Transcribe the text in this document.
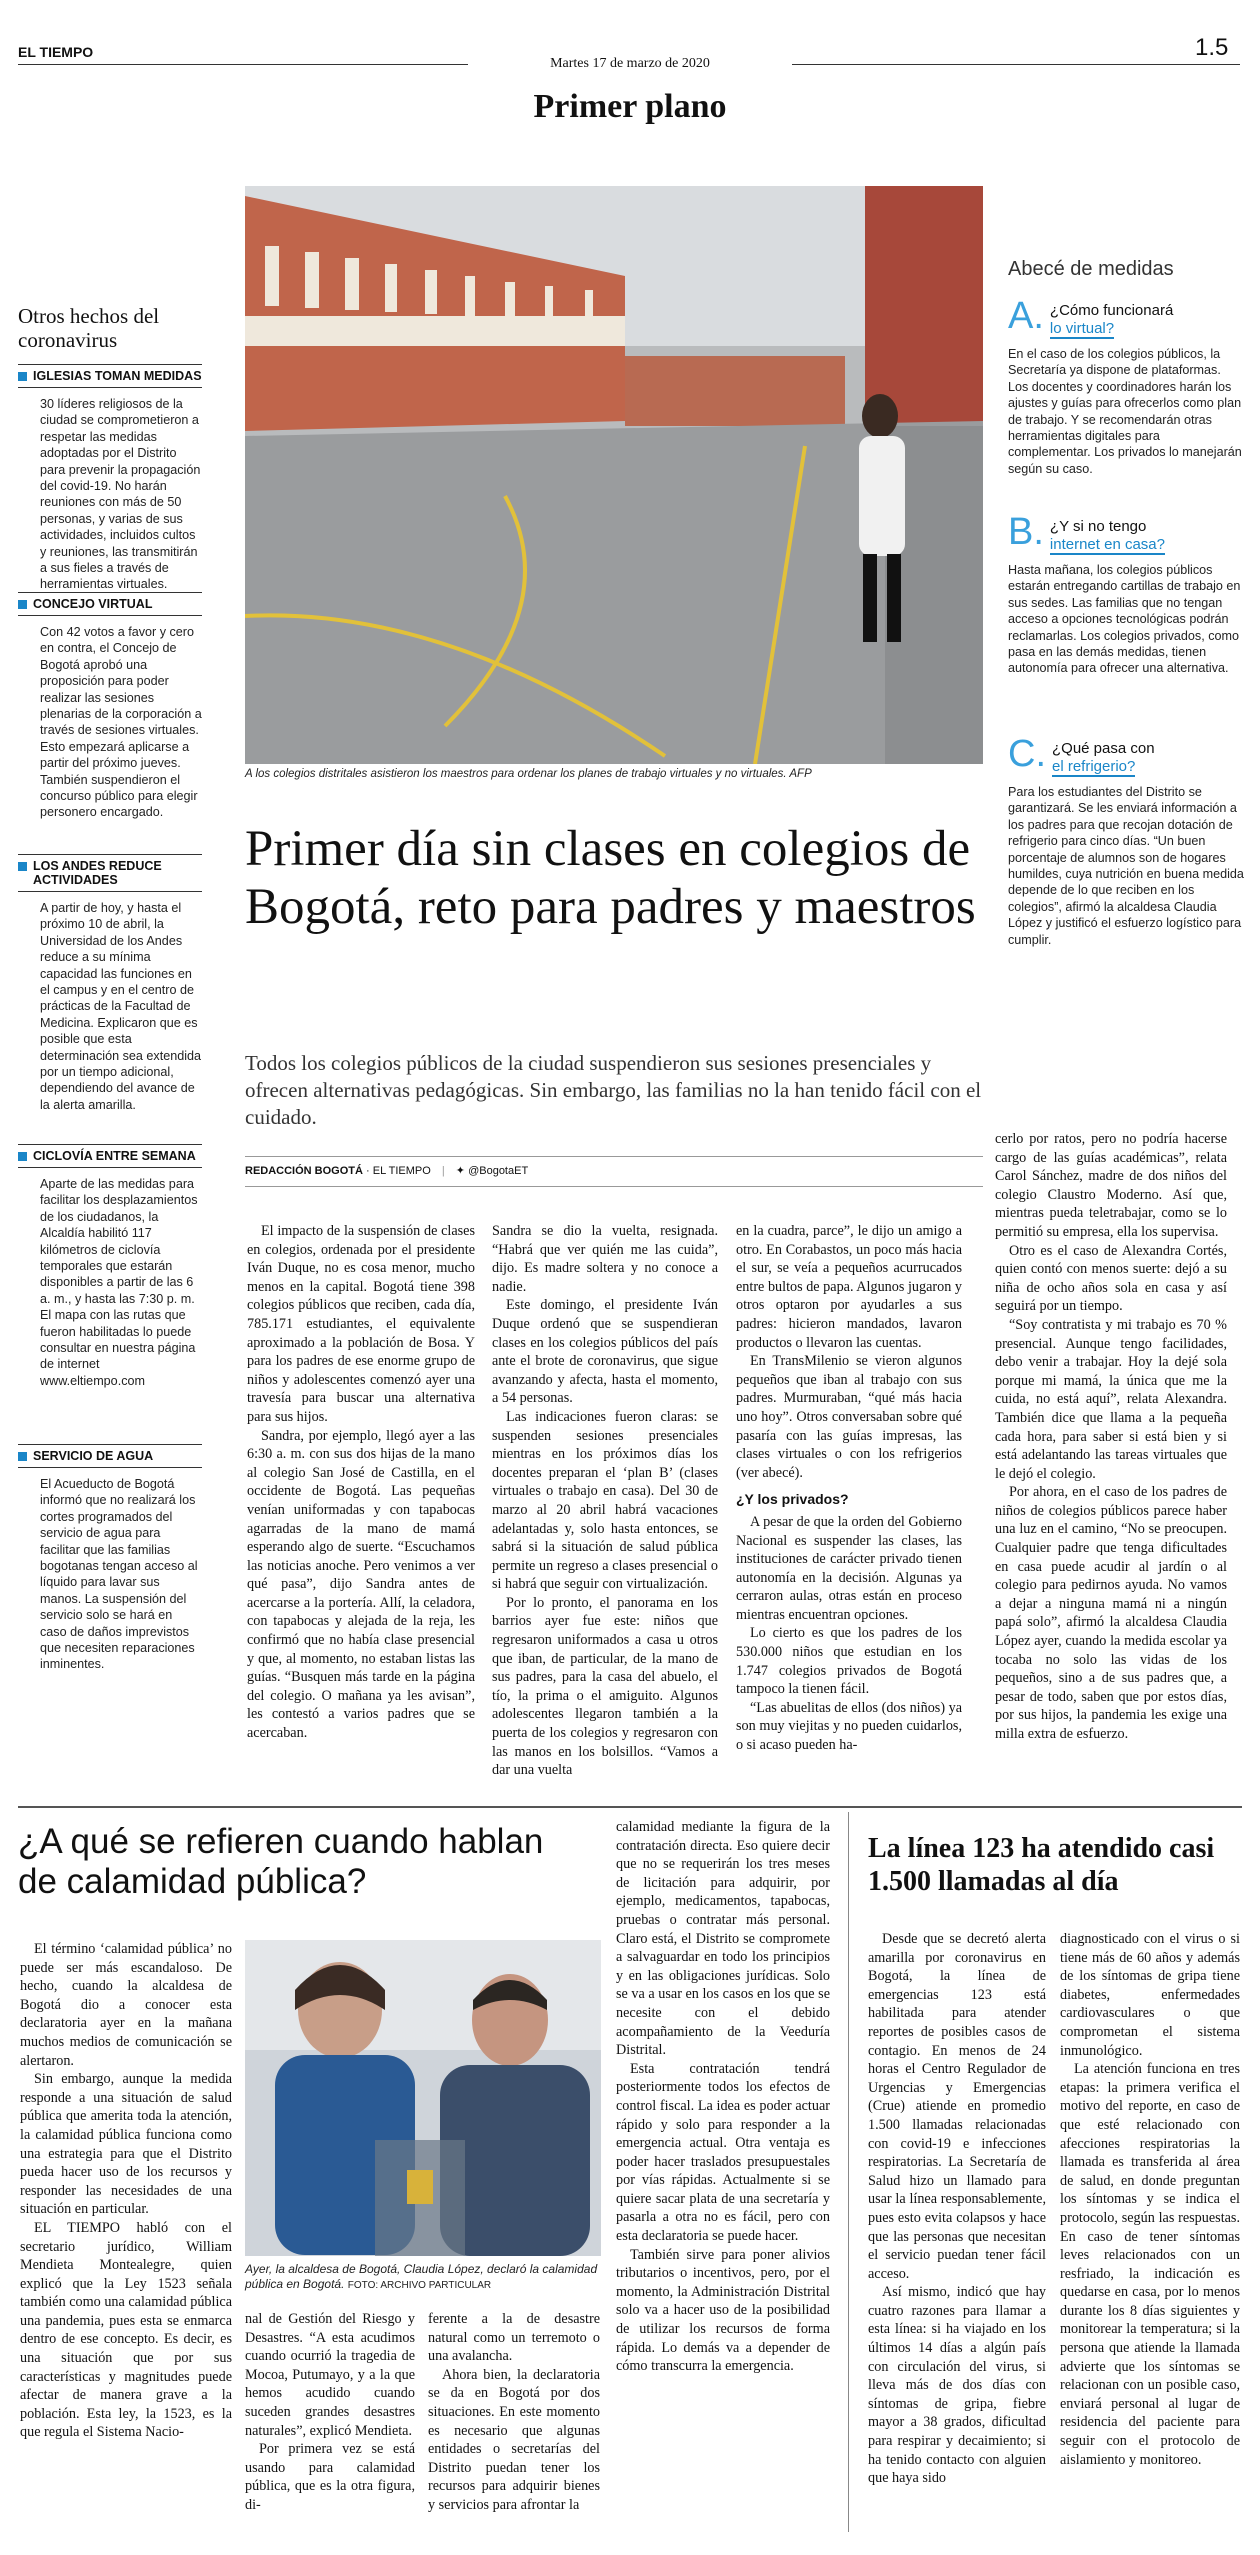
EL TIEMPO
Martes 17 de marzo de 2020
1.5
Primer plano
Otros hechos del coronavirus
IGLESIAS TOMAN MEDIDAS
30 líderes religiosos de la ciudad se comprometieron a respetar las medidas adoptadas por el Distrito para prevenir la propagación del covid-19. No harán reuniones con más de 50 personas, y varias de sus actividades, incluidos cultos y reuniones, las transmitirán a sus fieles a través de herramientas virtuales.
CONCEJO VIRTUAL
Con 42 votos a favor y cero en contra, el Concejo de Bogotá aprobó una proposición para poder realizar las sesiones plenarias de la corporación a través de sesiones virtuales. Esto empezará aplicarse a partir del próximo jueves. También suspendieron el concurso público para elegir personero encargado.
LOS ANDES REDUCE ACTIVIDADES
A partir de hoy, y hasta el próximo 10 de abril, la Universidad de los Andes reduce a su mínima capacidad las funciones en el campus y en el centro de prácticas de la Facultad de Medicina. Explicaron que es posible que esta determinación sea extendida por un tiempo adicional, dependiendo del avance de la alerta amarilla.
CICLOVÍA ENTRE SEMANA
Aparte de las medidas para facilitar los desplazamientos de los ciudadanos, la Alcaldía habilitó 117 kilómetros de ciclovía temporales que estarán disponibles a partir de las 6 a. m., y hasta las 7:30 p. m. El mapa con las rutas que fueron habilitadas lo puede consultar en nuestra página de internet www.eltiempo.com
SERVICIO DE AGUA
El Acueducto de Bogotá informó que no realizará los cortes programados del servicio de agua para facilitar que las familias bogotanas tengan acceso al líquido para lavar sus manos. La suspensión del servicio solo se hará en caso de daños imprevistos que necesiten reparaciones inminentes.
A los colegios distritales asistieron los maestros para ordenar los planes de trabajo virtuales y no virtuales. AFP
Abecé de medidas
A. ¿Cómo funcionará
lo virtual?
En el caso de los colegios públicos, la Secretaría ya dispone de plataformas. Los docentes y coordinadores harán los ajustes y guías para ofrecerlos como plan de trabajo. Y se recomendarán otras herramientas digitales para complementar. Los privados lo manejarán según su caso.
B. ¿Y si no tengo
internet en casa?
Hasta mañana, los colegios públicos estarán entregando cartillas de trabajo en sus sedes. Las familias que no tengan acceso a opciones tecnológicas podrán reclamarlas. Los colegios privados, como pasa en las demás medidas, tienen autonomía para ofrecer una alternativa.
C. ¿Qué pasa con
el refrigerio?
Para los estudiantes del Distrito se garantizará. Se les enviará información a los padres para que recojan dotación de refrigerio para cinco días. “Un buen porcentaje de alumnos son de hogares humildes, cuya nutrición en buena medida depende de lo que reciben en los colegios”, afirmó la alcaldesa Claudia López y justificó el esfuerzo logístico para cumplir.
Primer día sin clases en colegios de Bogotá, reto para padres y maestros
Todos los colegios públicos de la ciudad suspendieron sus sesiones presenciales y ofrecen alternativas pedagógicas. Sin embargo, las familias no la han tenido fácil con el cuidado.
REDACCIÓN BOGOTÁ · EL TIEMPO | ✦ @BogotaET

El impacto de la suspensión de clases en colegios, ordenada por el presidente Iván Duque, no es cosa menor, mucho menos en la capital. Bogotá tiene 398 colegios públicos que reciben, cada día, 785.171 estudiantes, el equivalente aproximado a la población de Bosa. Y para los padres de ese enorme grupo de niños y adolescentes comenzó ayer una travesía para buscar una alternativa para sus hijos.

Sandra, por ejemplo, llegó ayer a las 6:30 a. m. con sus dos hijas de la mano al colegio San José de Castilla, en el occidente de Bogotá. Las pequeñas venían uniformadas y con tapabocas agarradas de la mano de mamá esperando algo de suerte. “Escuchamos las noticias anoche. Pero venimos a ver qué pasa”, dijo Sandra antes de acercarse a la portería. Allí, la celadora, con tapabocas y alejada de la reja, les confirmó que no había clase presencial y que, al momento, no estaban listas las guías. “Busquen más tarde en la página del colegio. O mañana ya les avisan”, les contestó a varios padres que se acercaban.

Sandra se dio la vuelta, resignada. “Habrá que ver quién me las cuida”, dijo. Es madre soltera y no conoce a nadie.

Este domingo, el presidente Iván Duque ordenó que se suspendieran clases en los colegios públicos del país ante el brote de coronavirus, que sigue avanzando y afecta, hasta el momento, a 54 personas.

Las indicaciones fueron claras: se suspenden sesiones presenciales mientras en los próximos días los docentes preparan el ‘plan B’ (clases virtuales o trabajo en casa). Del 30 de marzo al 20 abril habrá vacaciones adelantadas y, solo hasta entonces, se sabrá si la situación de salud pública permite un regreso a clases presencial o si habrá que seguir con virtualización.

Por lo pronto, el panorama en los barrios ayer fue este: niños que regresaron uniformados a casa u otros que iban, de particular, de la mano de sus padres, para la casa del abuelo, el tío, la prima o el amiguito. Algunos adolescentes llegaron también a la puerta de los colegios y regresaron con las manos en los bolsillos. “Vamos a dar una vuelta

en la cuadra, parce”, le dijo un amigo a otro. En Corabastos, un poco más hacia el sur, se veía a pequeños acurrucados entre bultos de papa. Algunos jugaron y otros optaron por ayudarles a sus padres: hicieron mandados, lavaron productos o llevaron las cuentas.

En TransMilenio se vieron algunos pequeños que iban al trabajo con sus padres. Murmuraban, “qué más hacia uno hoy”. Otros conversaban sobre qué pasaría con las guías impresas, las clases virtuales o con los refrigerios (ver abecé).

¿Y los privados?

A pesar de que la orden del Gobierno Nacional es suspender las clases, las instituciones de carácter privado tienen autonomía en la decisión. Algunas ya cerraron aulas, otras están en proceso mientras encuentran opciones.

Lo cierto es que los padres de los 530.000 niños que estudian en los 1.747 colegios privados de Bogotá tampoco la tienen fácil.

“Las abuelitas de ellos (dos niños) ya son muy viejitas y no pueden cuidarlos, o si acaso pueden ha-

cerlo por ratos, pero no podría hacerse cargo de las guías académicas”, relata Carol Sánchez, madre de dos niños del colegio Claustro Moderno. Así que, mientras pueda teletrabajar, como se lo permitió su empresa, ella los supervisa.

Otro es el caso de Alexandra Cortés, quien contó con menos suerte: dejó a su niña de ocho años sola en casa y así seguirá por un tiempo.

“Soy contratista y mi trabajo es 70 % presencial. Aunque tengo facilidades, debo venir a trabajar. Hoy la dejé sola porque mi mamá, la única que me la cuida, no está aquí”, relata Alexandra. También dice que llama a la pequeña cada hora, para saber si está bien y si está adelantando las tareas virtuales que le dejó el colegio.

Por ahora, en el caso de los padres de niños de colegios públicos parece haber una luz en el camino, “No se preocupen. Cualquier padre que tenga dificultades en casa puede acudir al jardín o al colegio para pedirnos ayuda. No vamos a dejar a ninguna mamá ni a ningún papá solo”, afirmó la alcaldesa Claudia López ayer, cuando la medida escolar ya tocaba no solo las vidas de los pequeños, sino a de sus padres que, a pesar de todo, saben que por estos días, por sus hijos, la pandemia les exige una milla extra de esfuerzo.

¿A qué se refieren cuando hablan de calamidad pública?

El término ‘calamidad pública’ no puede ser más escandaloso. De hecho, cuando la alcaldesa de Bogotá dio a conocer esta declaratoria ayer en la mañana muchos medios de comunicación se alertaron.

Sin embargo, aunque la medida responde a una situación de salud pública que amerita toda la atención, la calamidad pública funciona como una estrategia para que el Distrito pueda hacer uso de los recursos y responder las necesidades de una situación en particular.

EL TIEMPO habló con el secretario jurídico, William Mendieta Montealegre, quien explicó que la Ley 1523 señala también como una calamidad pública una pandemia, pues esta se enmarca dentro de ese concepto. Es decir, es una situación que por sus características y magnitudes puede afectar de manera grave a la población. Esta ley, la 1523, es la que regula el Sistema Nacio-

Ayer, la alcaldesa de Bogotá, Claudia López, declaró la calamidad pública en Bogotá. FOTO: ARCHIVO PARTICULAR

nal de Gestión del Riesgo y Desastres. “A esta acudimos cuando ocurrió la tragedia de Mocoa, Putumayo, y a la que hemos acudido cuando suceden grandes desastres naturales”, explicó Mendieta.

Por primera vez se está usando para calamidad pública, que es la otra figura, di-

ferente a la de desastre natural como un terremoto o una avalancha.

Ahora bien, la declaratoria se da en Bogotá por dos situaciones. En este momento es necesario que algunas entidades o secretarías del Distrito puedan tener los recursos para adquirir bienes y servicios para afrontar la

calamidad mediante la figura de la contratación directa. Eso quiere decir que no se requerirán los tres meses de licitación para adquirir, por ejemplo, medicamentos, tapabocas, pruebas o contratar más personal. Claro está, el Distrito se compromete a salvaguardar en todo los principios y en las obligaciones jurídicas. Solo se va a usar en los casos en los que se necesite con el debido acompañamiento de la Veeduría Distrital.

Esta contratación tendrá posteriormente todos los efectos de control fiscal. La idea es poder actuar rápido y solo para responder a la emergencia actual. Otra ventaja es poder hacer traslados presupuestales por vías rápidas. Actualmente si se quiere sacar plata de una secretaría y pasarla a otra no es fácil, pero con esta declaratoria se puede hacer.

También sirve para poner alivios tributarios o incentivos, pero, por el momento, la Administración Distrital solo va a hacer uso de la posibilidad de utilizar los recursos de forma rápida. Lo demás va a depender de cómo transcurra la emergencia.

La línea 123 ha atendido casi 1.500 llamadas al día

Desde que se decretó alerta amarilla por coronavirus en Bogotá, la línea de emergencias 123 está habilitada para atender reportes de posibles casos de contagio. En menos de 24 horas el Centro Regulador de Urgencias y Emergencias (Crue) atiende en promedio 1.500 llamadas relacionadas con covid-19 e infecciones respiratorias. La Secretaría de Salud hizo un llamado para usar la línea responsablemente, pues esto evita colapsos y hace que las personas que necesitan el servicio puedan tener fácil acceso.

Así mismo, indicó que hay cuatro razones para llamar a esta línea: si ha viajado en los últimos 14 días a algún país con circulación del virus, si lleva más de dos días con síntomas de gripa, fiebre mayor a 38 grados, dificultad para respirar y decaimiento; si ha tenido contacto con alguien que haya sido

diagnosticado con el virus o si tiene más de 60 años y además de los síntomas de gripa tiene diabetes, enfermedades cardiovasculares o que comprometan el sistema inmunológico.

La atención funciona en tres etapas: la primera verifica el motivo del reporte, en caso de que esté relacionado con afecciones respiratorias la llamada es transferida al área de salud, en donde preguntan los síntomas y se indica el protocolo, según las respuestas. En caso de tener síntomas leves relacionados con un resfriado, la indicación es quedarse en casa, por lo menos durante los 8 días siguientes y monitorear la temperatura; si la persona que atiende la llamada advierte que los síntomas se relacionan con un posible caso, enviará personal al lugar de residencia del paciente para seguir con el protocolo de aislamiento y monitoreo.
